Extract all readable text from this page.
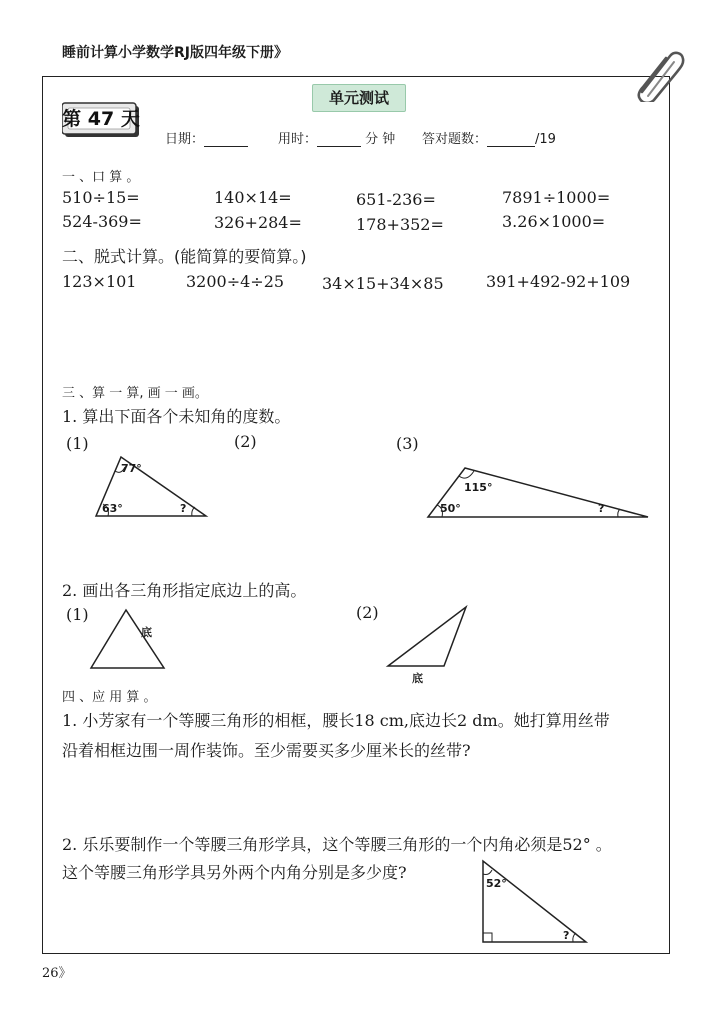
睡前计算小学数学RJ版四年级下册》
第 47 天
单元测试
日期：	用时：	分 钟 答对题数：	/19
一 、口 算 。
510÷15=	140×14=	651-236=	7891÷1000=
524-369=	326+284=	178+352=	3.26×1000=
二、脱式计算。(能简算的要简算。)
123×101	3200÷4÷25 34×15+34×85	391+492-92+109
三 、算 一 算, 画 一 画。
1. 算出下面各个未知角的度数。
(1)	(2)	(3)
77°
63°	?
115°
50°	?
2. 画出各三角形指定底边上的高。
(1)	(2)
底
底
四 、应 用 算 。
1. 小芳家有一个等腰三角形的相框，腰长18 cm,底边长2 dm。她打算用丝带
沿着相框边围一周作装饰。至少需要买多少厘米长的丝带?
2. 乐乐要制作一个等腰三角形学具，这个等腰三角形的一个内角必须是52° 。
这个等腰三角形学具另外两个内角分别是多少度?
52°
?
26》
